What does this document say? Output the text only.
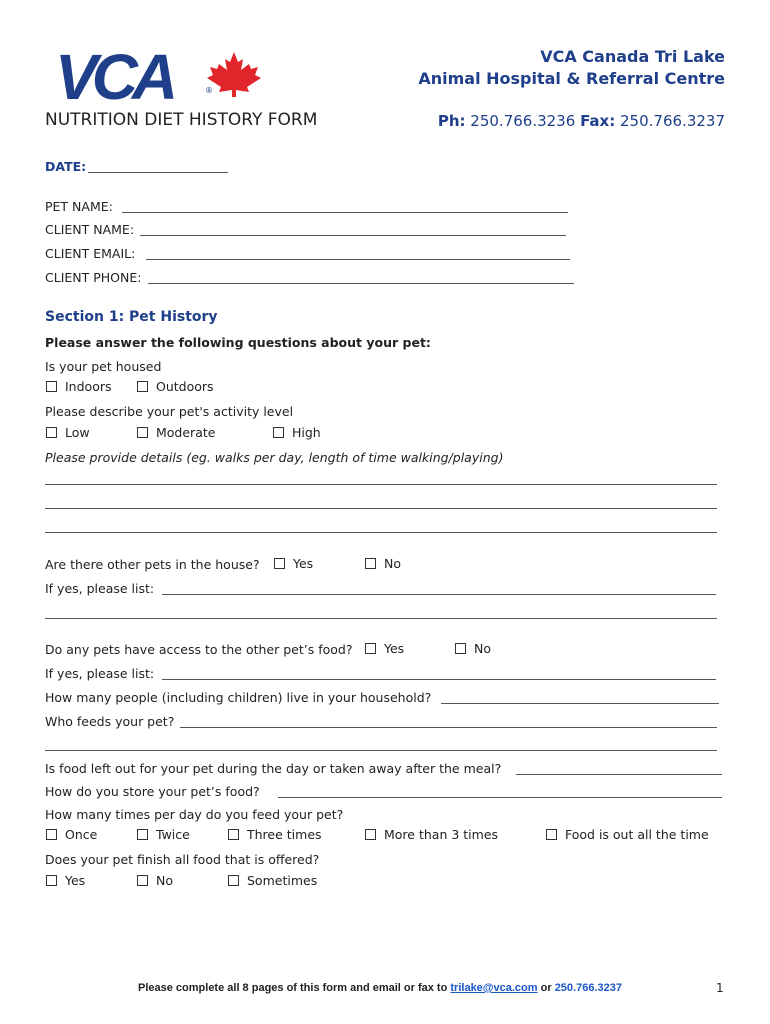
VCA	®
VCA Canada Tri Lake
Animal Hospital & Referral Centre
NUTRITION DIET HISTORY FORM	Ph: 250.766.3236 Fax: 250.766.3237
DATE:
PET NAME:
CLIENT NAME:
CLIENT EMAIL:
CLIENT PHONE:
Section 1: Pet History
Please answer the following questions about your pet:
Is your pet housed
Indoors	Outdoors
Please describe your pet's activity level
Low	Moderate	High
Please provide details (eg. walks per day, length of time walking/playing)
Are there other pets in the house?	Yes	No
If yes, please list:
Do any pets have access to the other pet’s food?	Yes	No
If yes, please list:
How many people (including children) live in your household?
Who feeds your pet?
Is food left out for your pet during the day or taken away after the meal?
How do you store your pet’s food?
How many times per day do you feed your pet?
Once	Twice	Three times	More than 3 times	Food is out all the time
Does your pet finish all food that is offered?
Yes	No	Sometimes
Please complete all 8 pages of this form and email or fax to trilake@vca.com or 250.766.3237	1
